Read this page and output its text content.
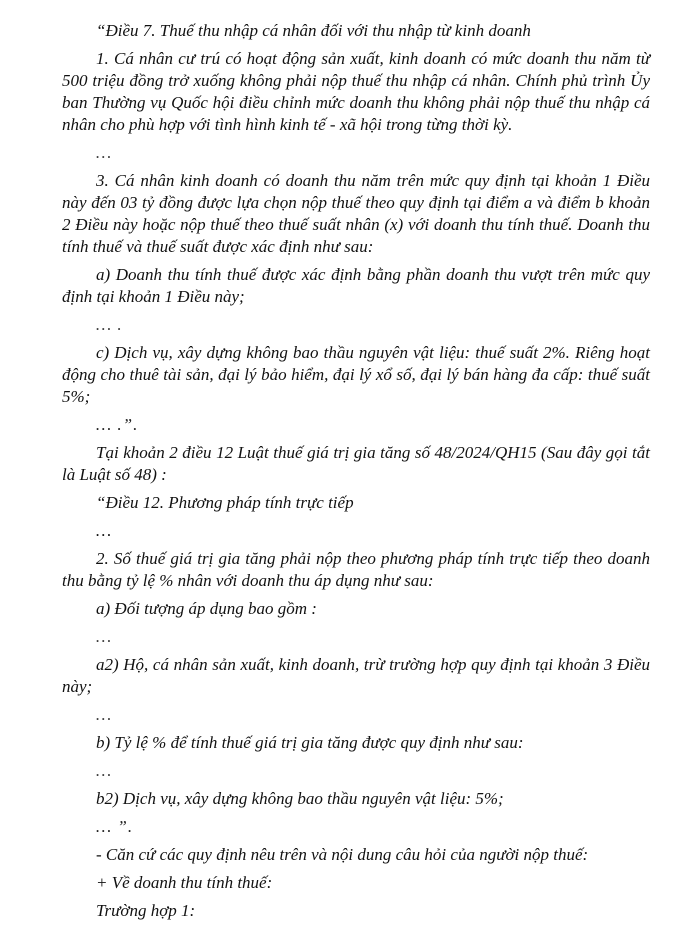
“Điều 7. Thuế thu nhập cá nhân đối với thu nhập từ kinh doanh

1. Cá nhân cư trú có hoạt động sản xuất, kinh doanh có mức doanh thu năm từ 500 triệu đồng trở xuống không phải nộp thuế thu nhập cá nhân. Chính phủ trình Ủy ban Thường vụ Quốc hội điều chỉnh mức doanh thu không phải nộp thuế thu nhập cá nhân cho phù hợp với tình hình kinh tế - xã hội trong từng thời kỳ.

…

3. Cá nhân kinh doanh có doanh thu năm trên mức quy định tại khoản 1 Điều này đến 03 tỷ đồng được lựa chọn nộp thuế theo quy định tại điểm a và điểm b khoản 2 Điều này hoặc nộp thuế theo thuế suất nhân (x) với doanh thu tính thuế. Doanh thu tính thuế và thuế suất được xác định như sau:

a) Doanh thu tính thuế được xác định bằng phần doanh thu vượt trên mức quy định tại khoản 1 Điều này;

… .

c) Dịch vụ, xây dựng không bao thầu nguyên vật liệu: thuế suất 2%. Riêng hoạt động cho thuê tài sản, đại lý bảo hiểm, đại lý xổ số, đại lý bán hàng đa cấp: thuế suất 5%;

… .”.

Tại khoản 2 điều 12 Luật thuế giá trị gia tăng số 48/2024/QH15 (Sau đây gọi tắt là Luật số 48) :

“Điều 12. Phương pháp tính trực tiếp

…

2. Số thuế giá trị gia tăng phải nộp theo phương pháp tính trực tiếp theo doanh thu bằng tỷ lệ % nhân với doanh thu áp dụng như sau:

a) Đối tượng áp dụng bao gồm :

…

a2) Hộ, cá nhân sản xuất, kinh doanh, trừ trường hợp quy định tại khoản 3 Điều này;

…

b) Tỷ lệ % để tính thuế giá trị gia tăng được quy định như sau:

…

b2) Dịch vụ, xây dựng không bao thầu nguyên vật liệu: 5%;

… ”.

- Căn cứ các quy định nêu trên và nội dung câu hỏi của người nộp thuế:

+ Về doanh thu tính thuế:

Trường hợp 1:
